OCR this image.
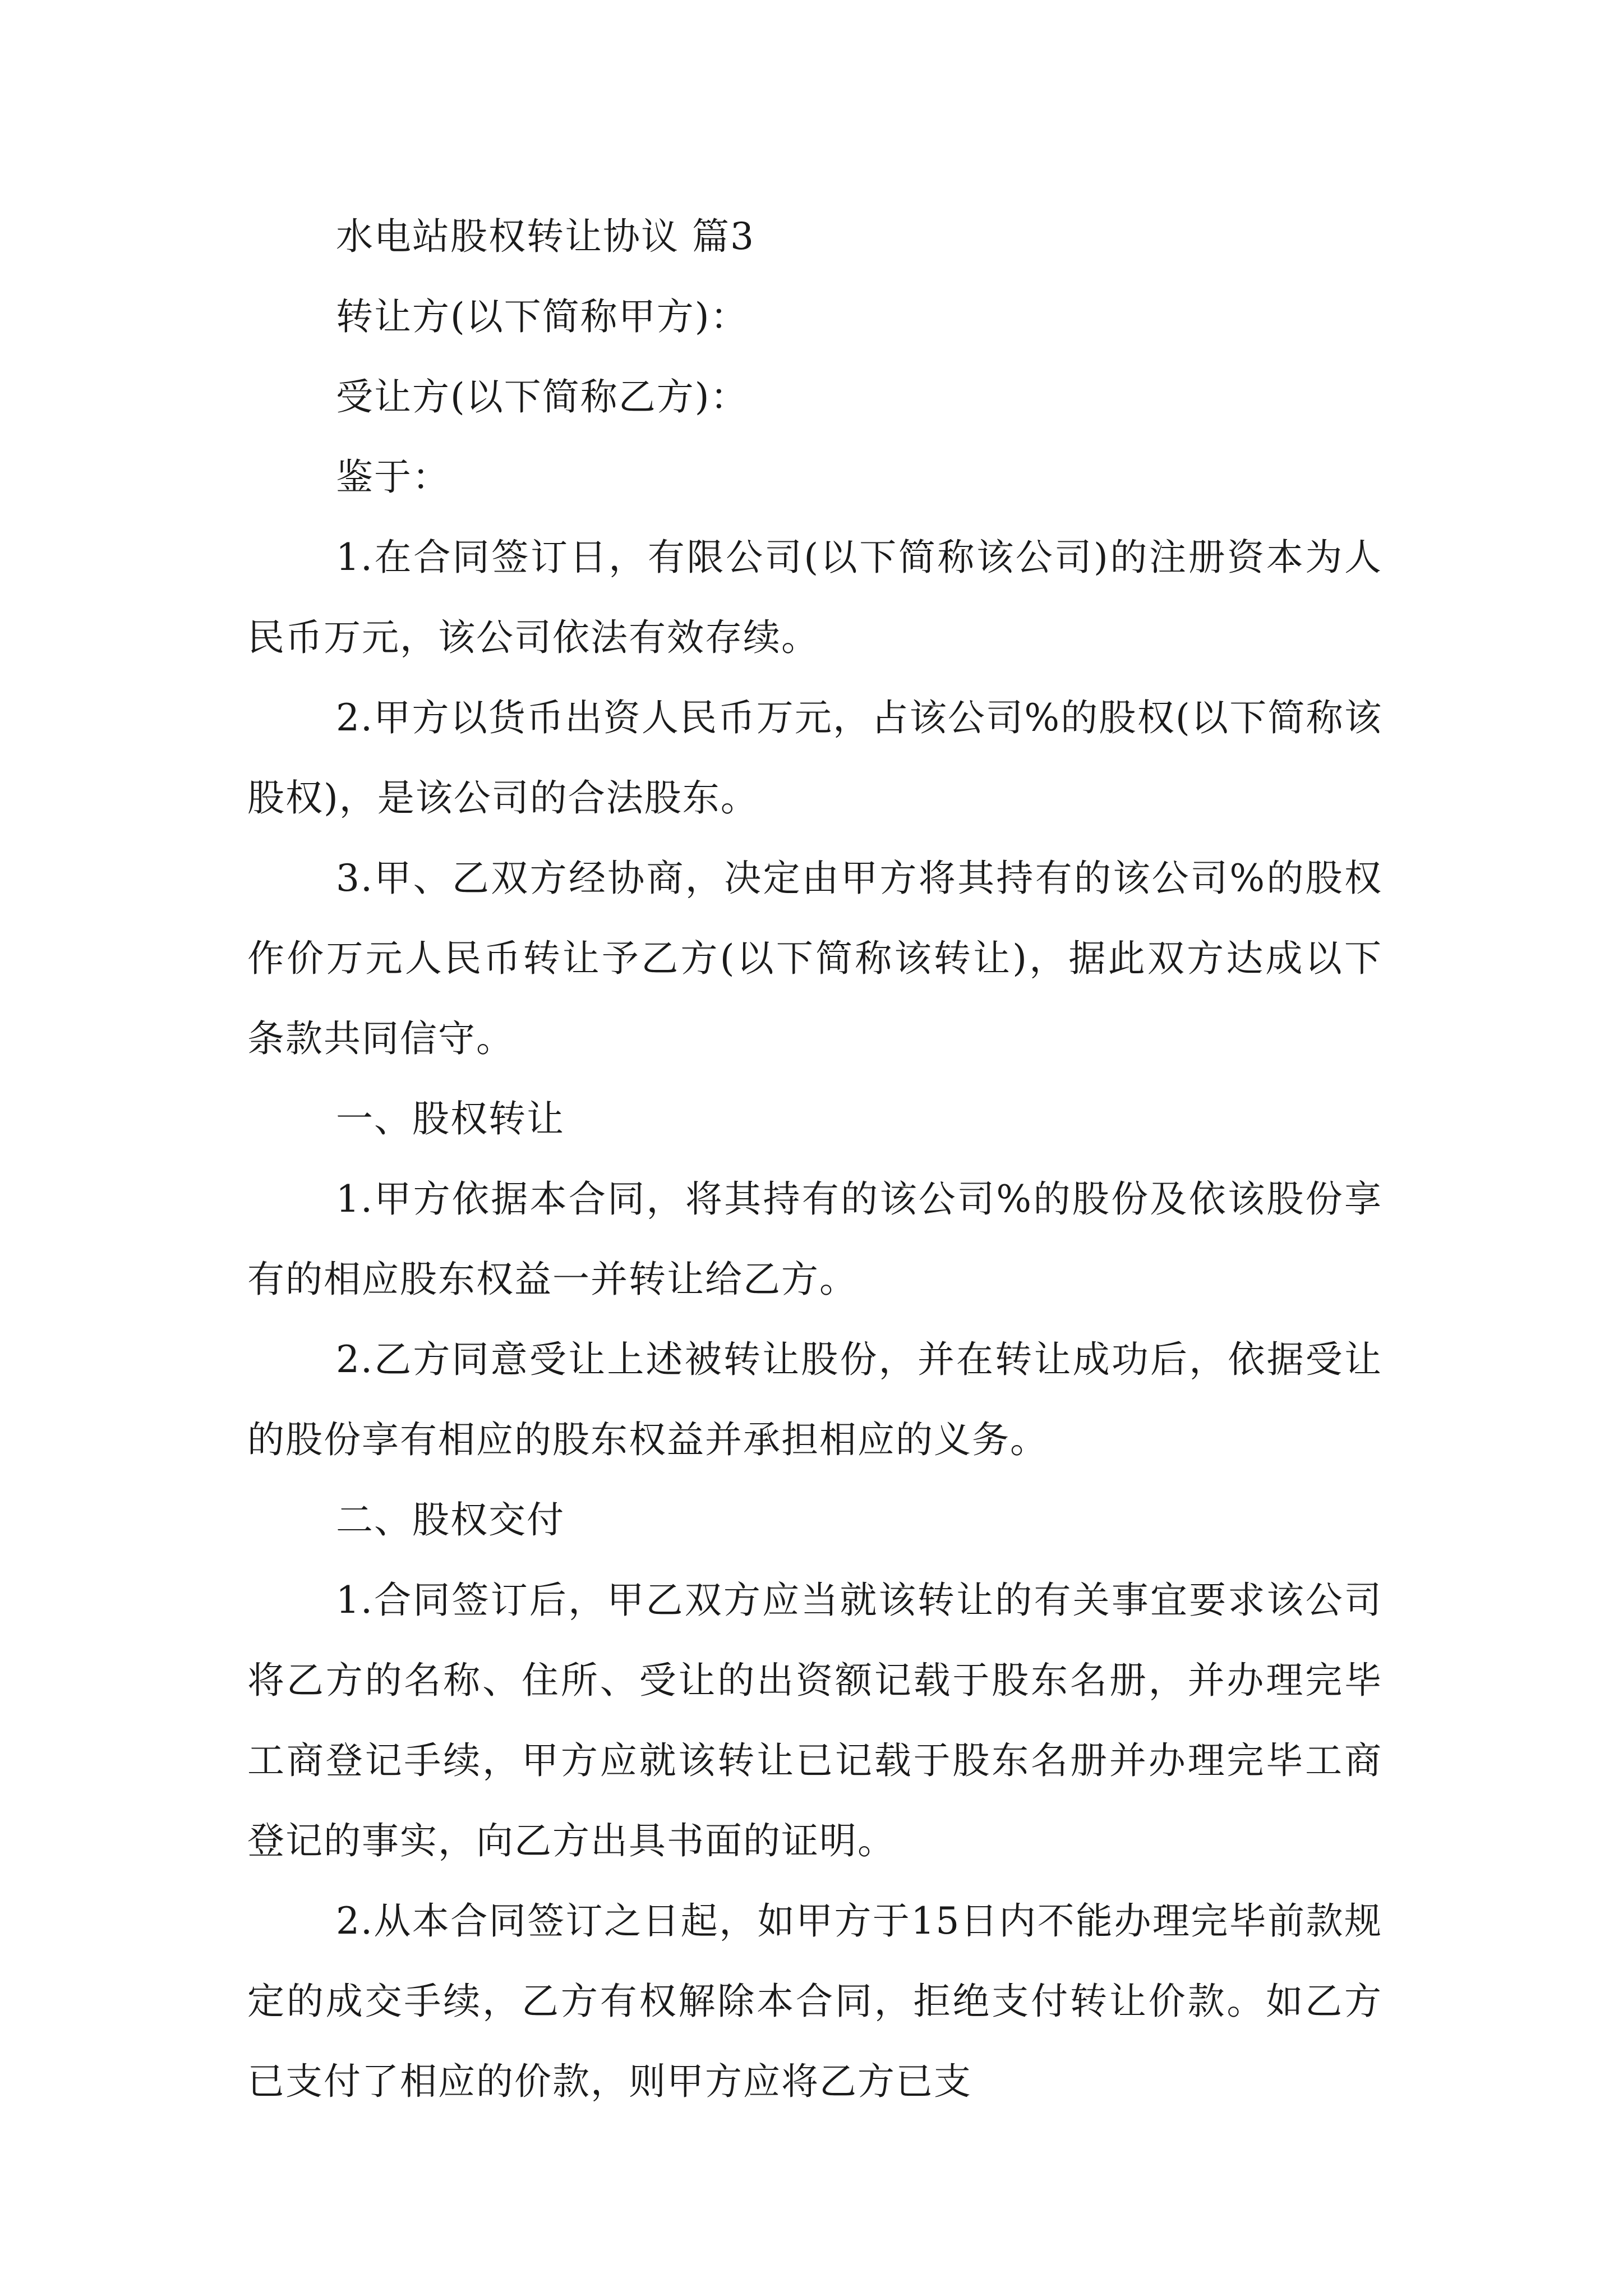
水电站股权转让协议 篇3

转让方(以下简称甲方)：

受让方(以下简称乙方)：

鉴于：

1.在合同签订日，有限公司(以下简称该公司)的注册资本为人民币万元，该公司依法有效存续。

2.甲方以货币出资人民币万元，占该公司%的股权(以下简称该股权)，是该公司的合法股东。

3.甲、乙双方经协商，决定由甲方将其持有的该公司%的股权作价万元人民币转让予乙方(以下简称该转让)，据此双方达成以下条款共同信守。

一、股权转让

1.甲方依据本合同，将其持有的该公司%的股份及依该股份享有的相应股东权益一并转让给乙方。

2.乙方同意受让上述被转让股份，并在转让成功后，依据受让的股份享有相应的股东权益并承担相应的义务。

二、股权交付

1.合同签订后，甲乙双方应当就该转让的有关事宜要求该公司将乙方的名称、住所、受让的出资额记载于股东名册，并办理完毕工商登记手续，甲方应就该转让已记载于股东名册并办理完毕工商登记的事实，向乙方出具书面的证明。

2.从本合同签订之日起，如甲方于15日内不能办理完毕前款规定的成交手续，乙方有权解除本合同，拒绝支付转让价款。如乙方已支付了相应的价款，则甲方应将乙方已支
